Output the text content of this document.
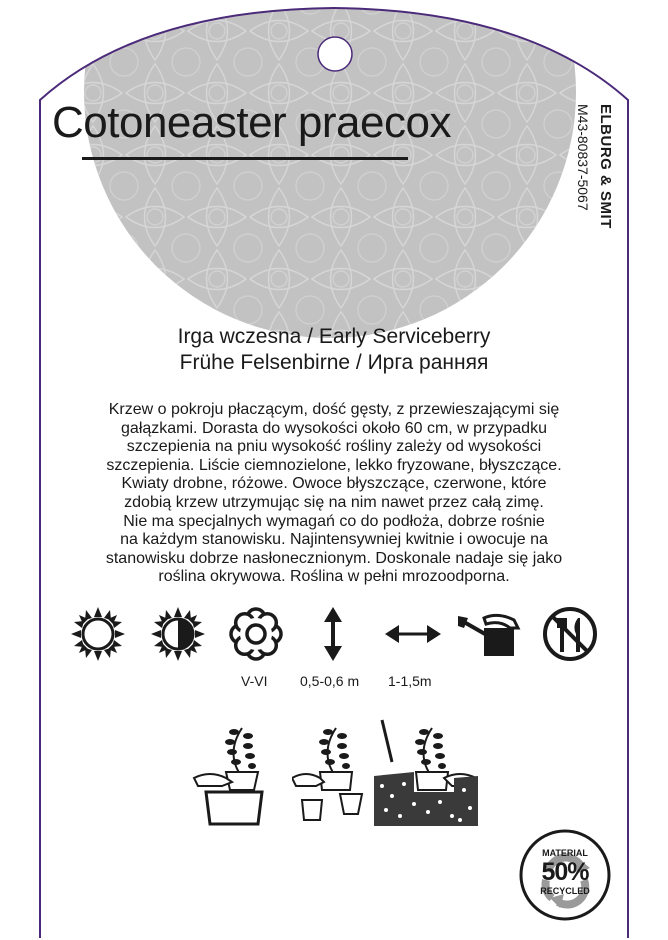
Cotoneaster praecox	ELBURG & SMIT
M43-80837-5067
Irga wczesna / Early Serviceberry
Frühe Felsenbirne / Ирга ранняя
Krzew o pokroju płaczącym, dość gęsty, z przewieszającymi się
gałązkami. Dorasta do wysokości około 60 cm, w przypadku
szczepienia na pniu wysokość rośliny zależy od wysokości
szczepienia. Liście ciemnozielone, lekko fryzowane, błyszczące.
Kwiaty drobne, różowe. Owoce błyszczące, czerwone, które
zdobią krzew utrzymując się na nim nawet przez całą zimę.
Nie ma specjalnych wymagań co do podłoża, dobrze rośnie
na każdym stanowisku. Najintensywniej kwitnie i owocuje na
stanowisku dobrze nasłonecznionym. Doskonale nadaje się jako
roślina okrywowa. Roślina w pełni mrozoodporna.
V-VI 0,5-0,6 m 1-1,5m
MATERIAL
50%
RECYCLED
